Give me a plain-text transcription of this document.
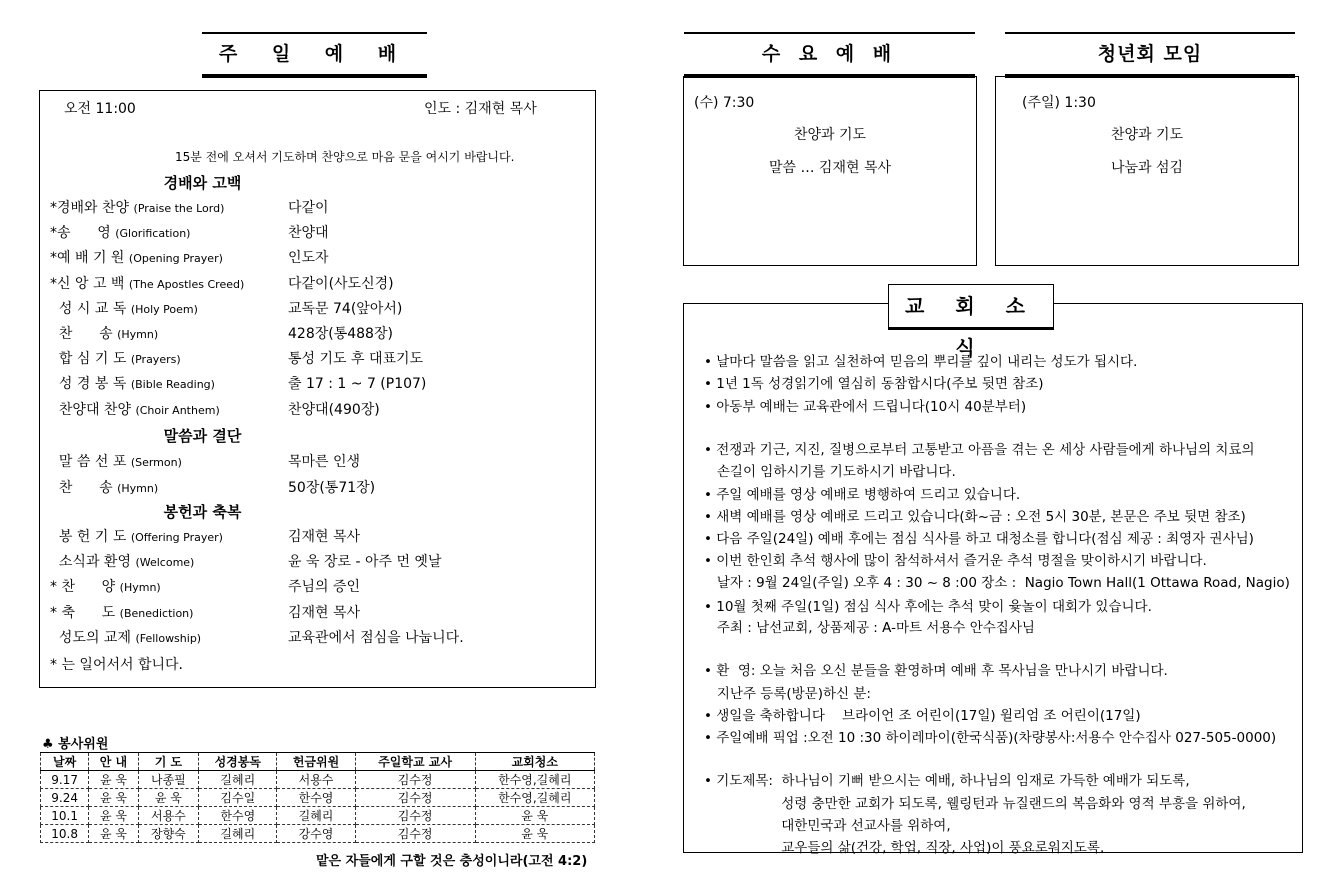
주 일 예 배
오전 11:00	인도 : 김재현 목사
15분 전에 오셔서 기도하며 찬양으로 마음 문을 여시기 바랍니다.
경배와 고백
*경배와 찬양 (Praise the Lord)	다같이
*송      영 (Glorification)	찬양대
*예 배 기 원 (Opening Prayer)	인도자
*신 앙 고 백 (The Apostles Creed)	다같이(사도신경)
성 시 교 독 (Holy Poem)	교독문 74(앞아서)
찬      송 (Hymn)	428장(통488장)
합 심 기 도 (Prayers)	통성 기도 후 대표기도
성 경 봉 독 (Bible Reading)	출 17 : 1 ~ 7 (P107)
찬양대 찬양 (Choir Anthem)	찬양대(490장)
말씀과 결단
말 씀 선 포 (Sermon)	목마른 인생
찬      송 (Hymn)	50장(통71장)
봉헌과 축복
봉 헌 기 도 (Offering Prayer)	김재현 목사
소식과 환영 (Welcome)	윤 욱 장로 - 아주 먼 옛날
* 찬      양 (Hymn)	주님의 증인
* 축      도 (Benediction)	김재현 목사
성도의 교제 (Fellowship)	교육관에서 점심을 나눕니다.
* 는 일어서서 합니다.
♣ 봉사위원
날짜	안 내	기 도	성경봉독	헌금위원	주일학교 교사	교회청소
9.17	윤 욱	나종필	길혜리	서용수	김수정	한수영,길혜리
9.24	윤 욱	윤 욱	김수일	한수영	김수정	한수영,길혜리
10.1	윤 욱	서용수	한수영	길혜리	김수정	윤 욱
10.8	윤 욱	장향숙	길혜리	강수영	김수정	윤 욱
맡은 자들에게 구할 것은 충성이니라(고전 4:2)
수 요 예 배
(수) 7:30
찬양과 기도
말씀 … 김재현 목사
청년회 모임
(주일) 1:30
찬양과 기도
나눔과 섬김
• 날마다 말씀을 읽고 실천하여 믿음의 뿌리를 깊이 내리는 성도가 됩시다.
• 1년 1독 성경읽기에 열심히 동참합시다(주보 뒷면 참조)
• 아동부 예배는 교육관에서 드립니다(10시 40분부터)
• 전쟁과 기근, 지진, 질병으로부터 고통받고 아픔을 겪는 온 세상 사람들에게 하나님의 치료의
손길이 임하시기를 기도하시기 바랍니다.
• 주일 예배를 영상 예배로 병행하여 드리고 있습니다.
• 새벽 예배를 영상 예배로 드리고 있습니다(화~금 : 오전 5시 30분, 본문은 주보 뒷면 참조)
• 다음 주일(24일) 예배 후에는 점심 식사를 하고 대청소를 합니다(점심 제공 : 최영자 권사님)
• 이번 한인회 추석 행사에 많이 참석하셔서 즐거운 추석 명절을 맞이하시기 바랍니다.
날자 : 9월 24일(주일) 오후 4 : 30 ~ 8 :00 장소 :  Nagio Town Hall(1 Ottawa Road, Nagio)
• 10월 첫째 주일(1일) 점심 식사 후에는 추석 맞이 윷놀이 대회가 있습니다.
주최 : 남선교회, 상품제공 : A-마트 서용수 안수집사님
• 환  영: 오늘 처음 오신 분들을 환영하며 예배 후 목사님을 만나시기 바랍니다.
지난주 등록(방문)하신 분:
• 생일을 축하합니다    브라이언 조 어린이(17일) 윌리엄 조 어린이(17일)
• 주일예배 픽업 :오전 10 :30 하이레마이(한국식품)(차량봉사:서용수 안수집사 027-505-0000)
• 기도제목:  하나님이 기뻐 받으시는 예배, 하나님의 임재로 가득한 예배가 되도록,
성령 충만한 교회가 되도록, 웰링턴과 뉴질랜드의 복음화와 영적 부흥을 위하여,
대한민국과 선교사를 위하여,
교우들의 삶(건강, 학업, 직장, 사업)이 풍요로워지도록.
교 회 소 식
